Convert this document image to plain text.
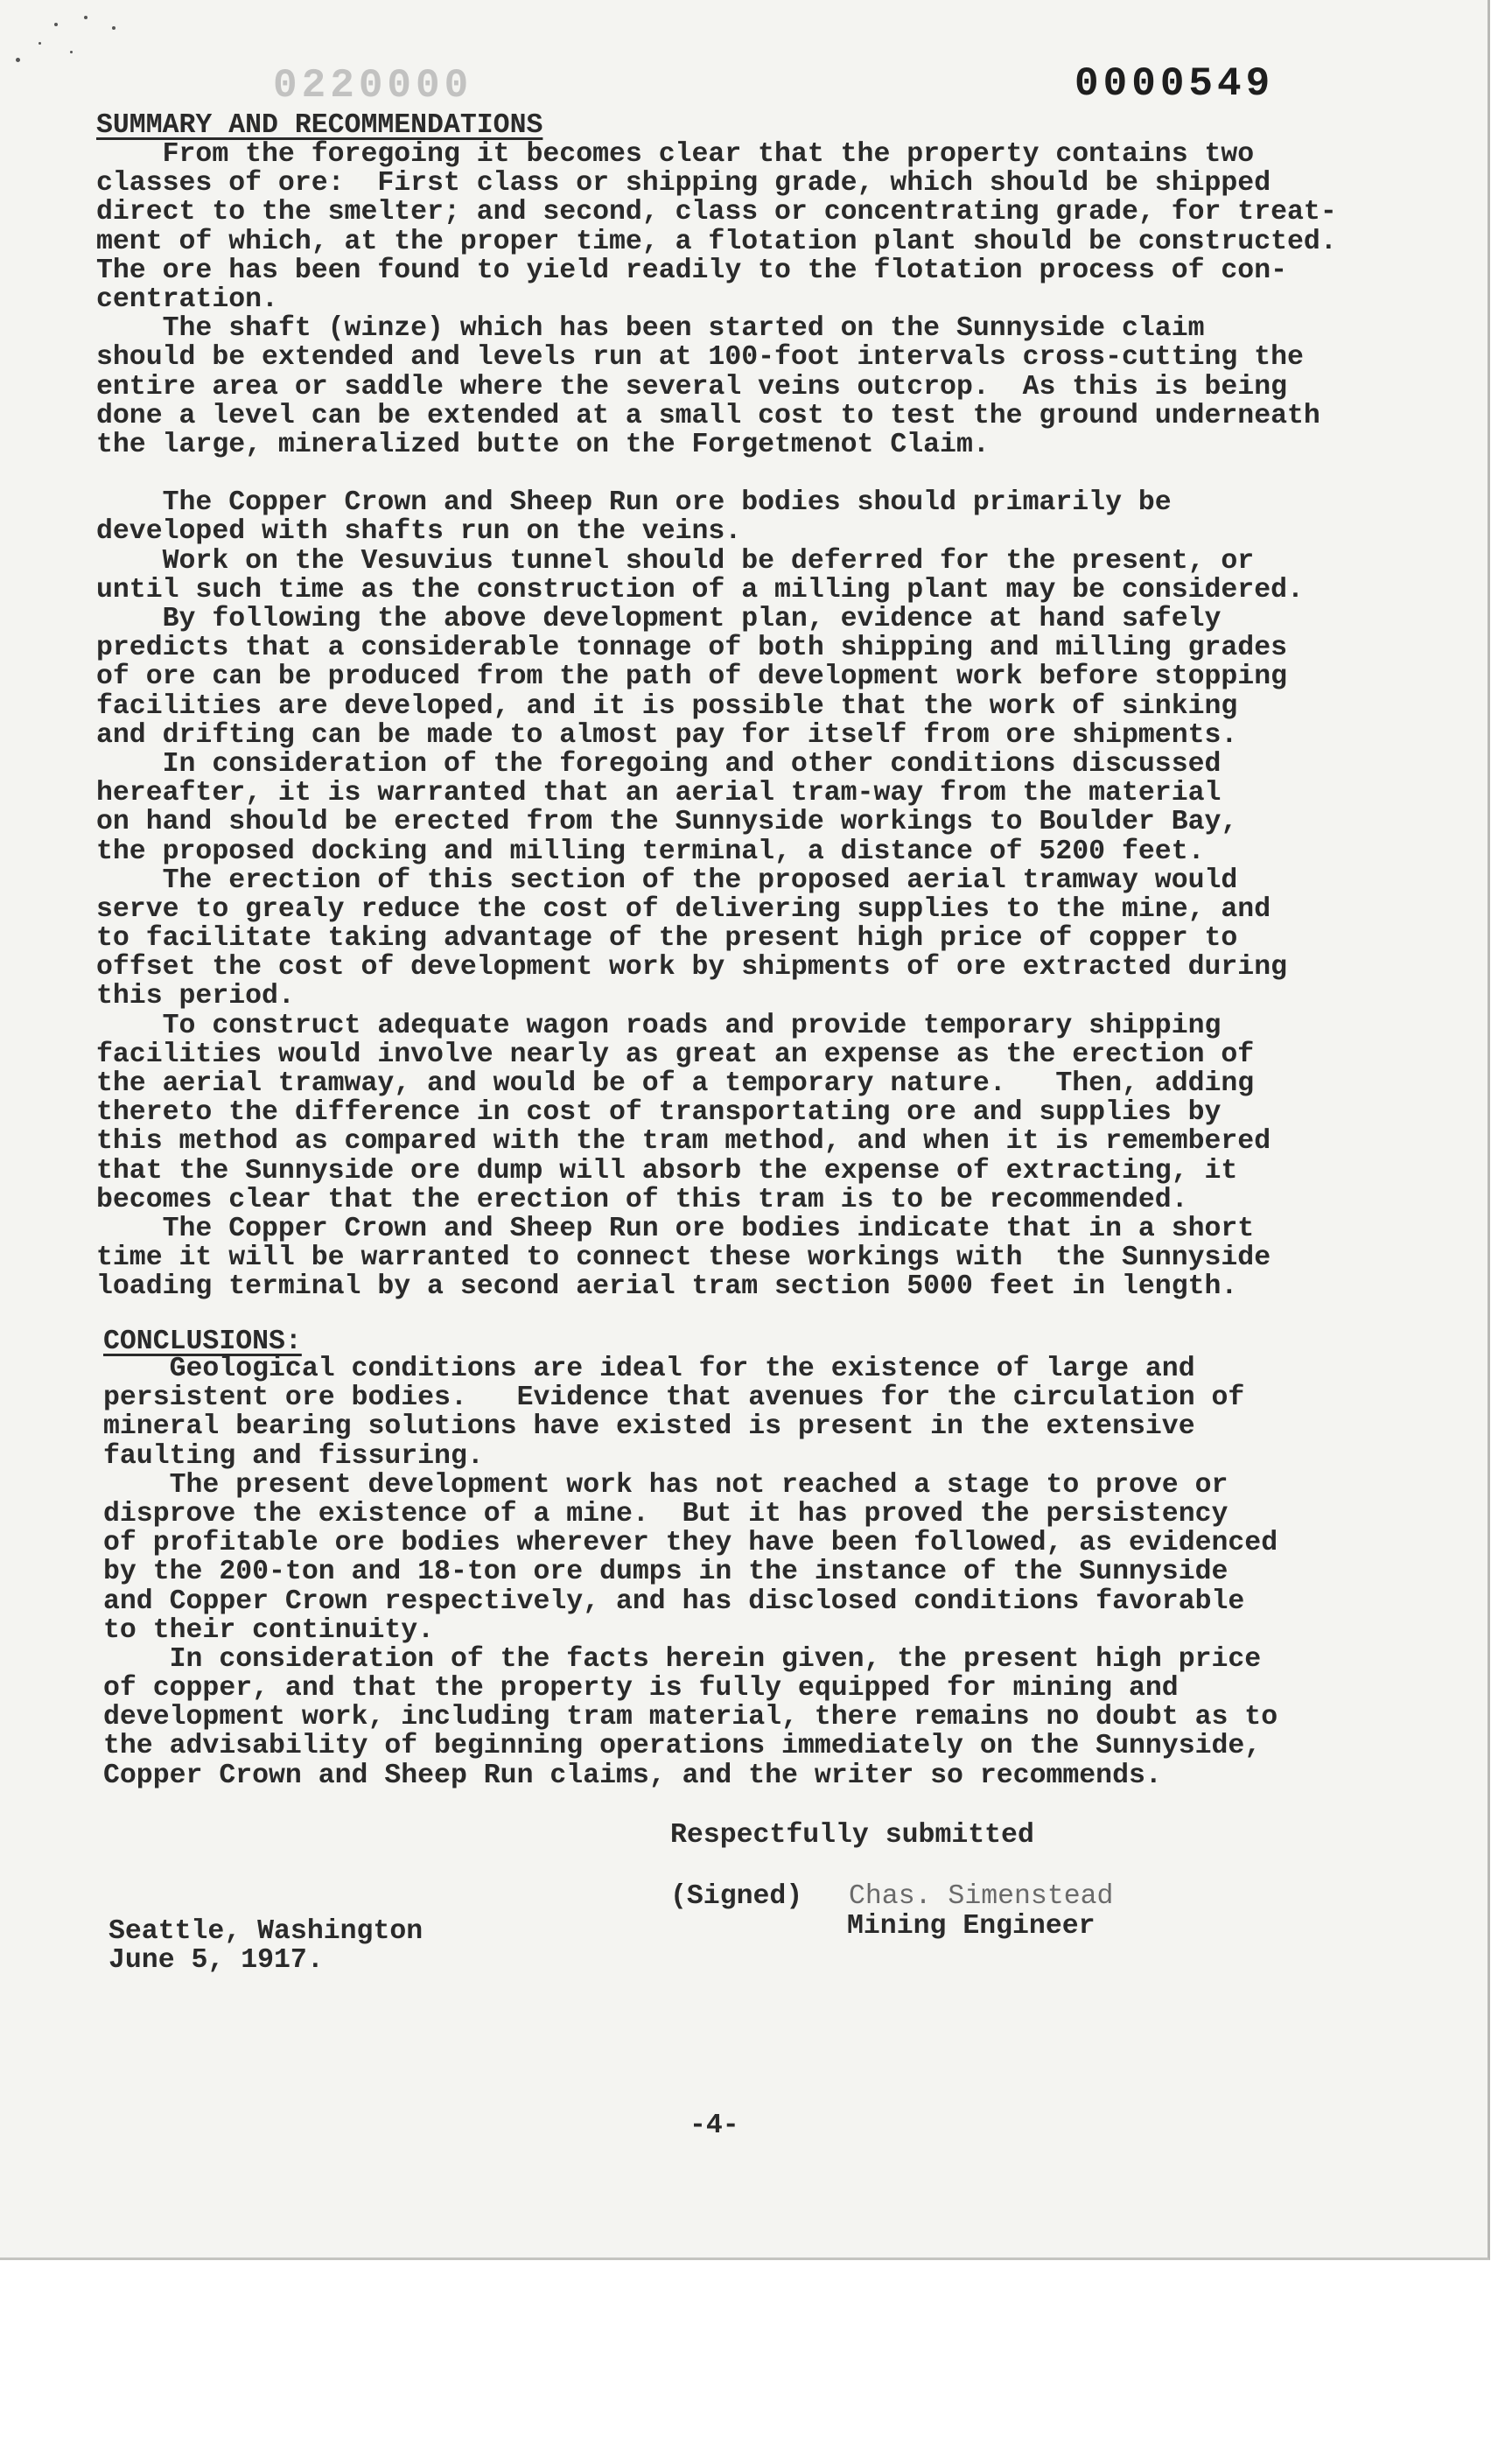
0220000	0000549
SUMMARY AND RECOMMENDATIONS
From the foregoing it becomes clear that the property contains two
classes of ore:  First class or shipping grade, which should be shipped
direct to the smelter; and second, class or concentrating grade, for treat-
ment of which, at the proper time, a flotation plant should be constructed.
The ore has been found to yield readily to the flotation process of con-
centration.
The shaft (winze) which has been started on the Sunnyside claim
should be extended and levels run at 100-foot intervals cross-cutting the
entire area or saddle where the several veins outcrop.  As this is being
done a level can be extended at a small cost to test the ground underneath
the large, mineralized butte on the Forgetmenot Claim.
The Copper Crown and Sheep Run ore bodies should primarily be
developed with shafts run on the veins.
Work on the Vesuvius tunnel should be deferred for the present, or
until such time as the construction of a milling plant may be considered.
By following the above development plan, evidence at hand safely
predicts that a considerable tonnage of both shipping and milling grades
of ore can be produced from the path of development work before stopping
facilities are developed, and it is possible that the work of sinking
and drifting can be made to almost pay for itself from ore shipments.
In consideration of the foregoing and other conditions discussed
hereafter, it is warranted that an aerial tram-way from the material
on hand should be erected from the Sunnyside workings to Boulder Bay,
the proposed docking and milling terminal, a distance of 5200 feet.
The erection of this section of the proposed aerial tramway would
serve to grealy reduce the cost of delivering supplies to the mine, and
to facilitate taking advantage of the present high price of copper to
offset the cost of development work by shipments of ore extracted during
this period.
To construct adequate wagon roads and provide temporary shipping
facilities would involve nearly as great an expense as the erection of
the aerial tramway, and would be of a temporary nature.   Then, adding
thereto the difference in cost of transportating ore and supplies by
this method as compared with the tram method, and when it is remembered
that the Sunnyside ore dump will absorb the expense of extracting, it
becomes clear that the erection of this tram is to be recommended.
The Copper Crown and Sheep Run ore bodies indicate that in a short
time it will be warranted to connect these workings with  the Sunnyside
loading terminal by a second aerial tram section 5000 feet in length.
CONCLUSIONS:
Geological conditions are ideal for the existence of large and
persistent ore bodies.   Evidence that avenues for the circulation of
mineral bearing solutions have existed is present in the extensive
faulting and fissuring.
The present development work has not reached a stage to prove or
disprove the existence of a mine.  But it has proved the persistency
of profitable ore bodies wherever they have been followed, as evidenced
by the 200-ton and 18-ton ore dumps in the instance of the Sunnyside
and Copper Crown respectively, and has disclosed conditions favorable
to their continuity.
In consideration of the facts herein given, the present high price
of copper, and that the property is fully equipped for mining and
development work, including tram material, there remains no doubt as to
the advisability of beginning operations immediately on the Sunnyside,
Copper Crown and Sheep Run claims, and the writer so recommends.
Respectfully submitted
(Signed) Chas. Simenstead
Mining Engineer
Seattle, Washington
June 5, 1917.
-4-
